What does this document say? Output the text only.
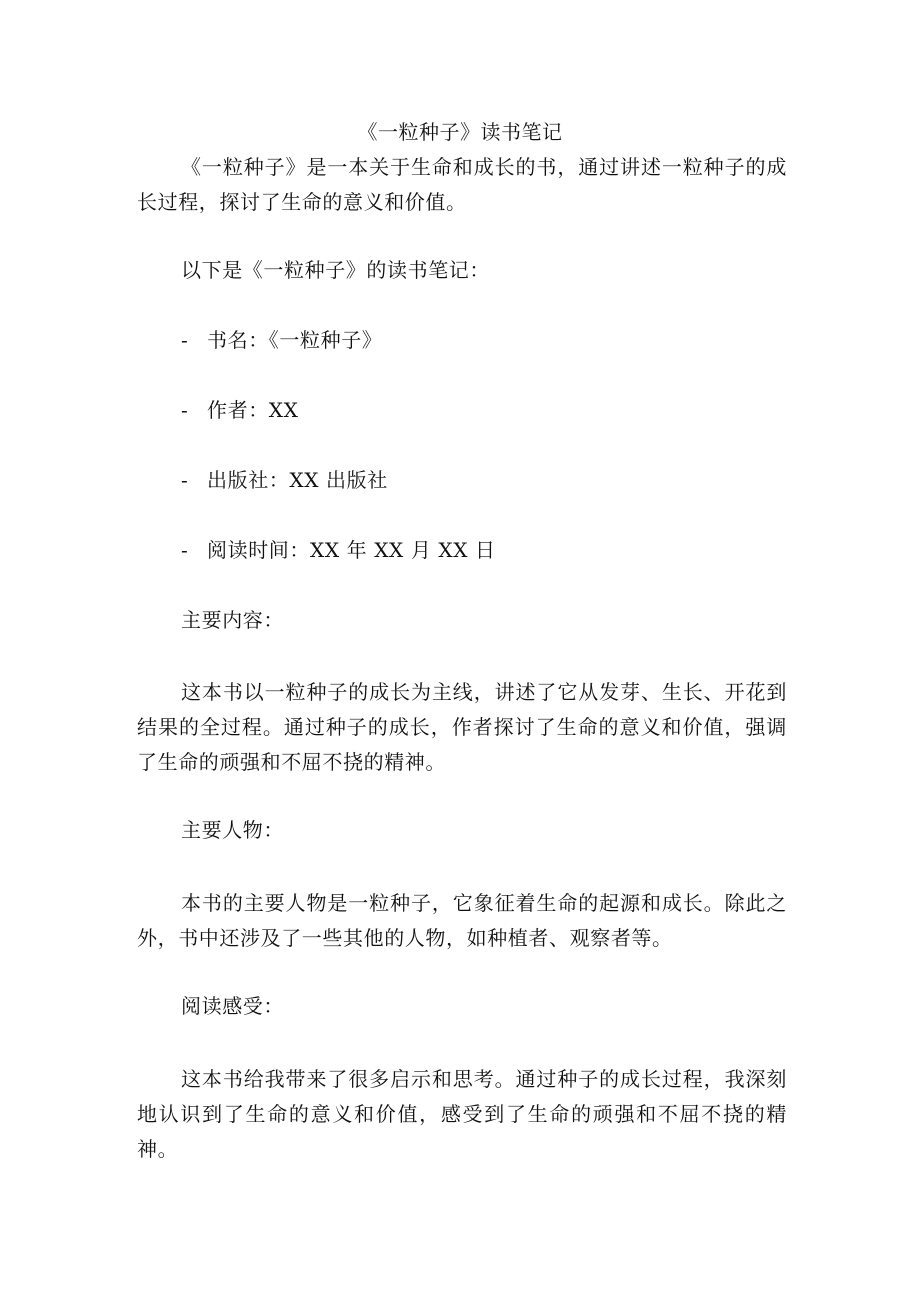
《一粒种子》读书笔记

《一粒种子》是一本关于生命和成长的书，通过讲述一粒种子的成长过程，探讨了生命的意义和价值。

以下是《一粒种子》的读书笔记：
- 书名：《一粒种子》
- 作者：XX
- 出版社：XX 出版社
- 阅读时间：XX 年 XX 月 XX 日
主要内容：

这本书以一粒种子的成长为主线，讲述了它从发芽、生长、开花到结果的全过程。通过种子的成长，作者探讨了生命的意义和价值，强调了生命的顽强和不屈不挠的精神。

主要人物：

本书的主要人物是一粒种子，它象征着生命的起源和成长。除此之外，书中还涉及了一些其他的人物，如种植者、观察者等。

阅读感受：

这本书给我带来了很多启示和思考。通过种子的成长过程，我深刻地认识到了生命的意义和价值，感受到了生命的顽强和不屈不挠的精神。
